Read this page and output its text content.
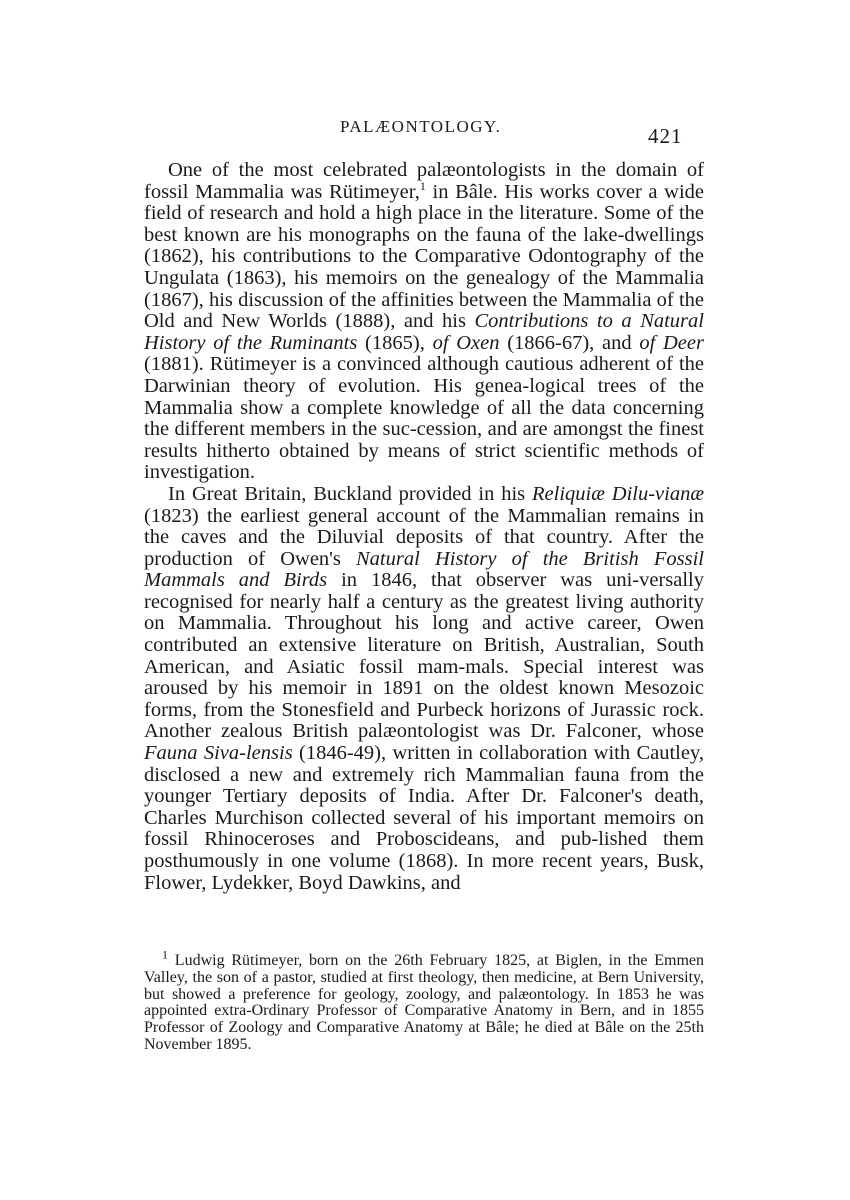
PALÆONTOLOGY.	421

One of the most celebrated palæontologists in the domain of fossil Mammalia was Rütimeyer,$^1$ in Bâle. His works cover a wide field of research and hold a high place in the literature. Some of the best known are his monographs on the fauna of the lake-dwellings (1862), his contributions to the Comparative Odontography of the Ungulata (1863), his memoirs on the genealogy of the Mammalia (1867), his discussion of the affinities between the Mammalia of the Old and New Worlds (1888), and his Contributions to a Natural History of the Ruminants (1865), of Oxen (1866-67), and of Deer (1881). Rütimeyer is a convinced although cautious adherent of the Darwinian theory of evolution. His genea-logical trees of the Mammalia show a complete knowledge of all the data concerning the different members in the suc-cession, and are amongst the finest results hitherto obtained by means of strict scientific methods of investigation.

In Great Britain, Buckland provided in his Reliquiæ Dilu-vianæ (1823) the earliest general account of the Mammalian remains in the caves and the Diluvial deposits of that country. After the production of Owen's Natural History of the British Fossil Mammals and Birds in 1846, that observer was uni-versally recognised for nearly half a century as the greatest living authority on Mammalia. Throughout his long and active career, Owen contributed an extensive literature on British, Australian, South American, and Asiatic fossil mam-mals. Special interest was aroused by his memoir in 1891 on the oldest known Mesozoic forms, from the Stonesfield and Purbeck horizons of Jurassic rock. Another zealous British palæontologist was Dr. Falconer, whose Fauna Siva-lensis (1846-49), written in collaboration with Cautley, disclosed a new and extremely rich Mammalian fauna from the younger Tertiary deposits of India. After Dr. Falconer's death, Charles Murchison collected several of his important memoirs on fossil Rhinoceroses and Proboscideans, and pub-lished them posthumously in one volume (1868). In more recent years, Busk, Flower, Lydekker, Boyd Dawkins, and

$^1$ Ludwig Rütimeyer, born on the 26th February 1825, at Biglen, in the Emmen Valley, the son of a pastor, studied at first theology, then medicine, at Bern University, but showed a preference for geology, zoology, and palæontology. In 1853 he was appointed extra-Ordinary Professor of Comparative Anatomy in Bern, and in 1855 Professor of Zoology and Comparative Anatomy at Bâle; he died at Bâle on the 25th November 1895.
